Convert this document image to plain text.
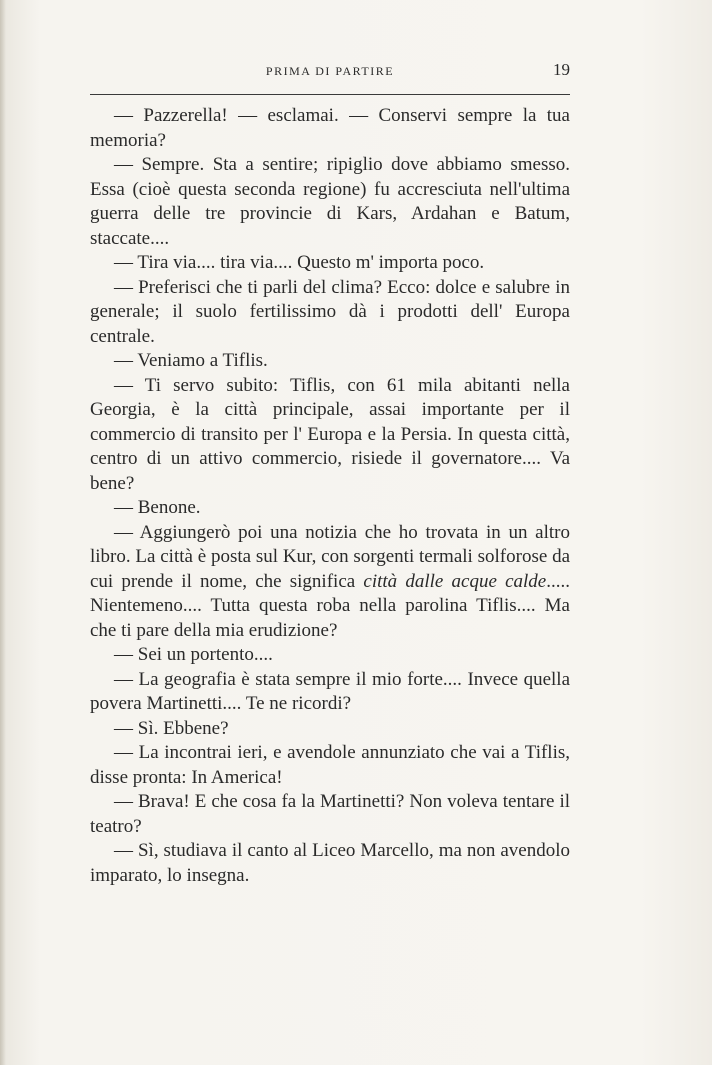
PRIMA DI PARTIRE	19

— Pazzerella! — esclamai. — Conservi sempre la tua memoria?

— Sempre. Sta a sentire; ripiglio dove abbiamo smesso. Essa (cioè questa seconda regione) fu accresciuta nell'ultima guerra delle tre provincie di Kars, Ardahan e Batum, staccate....

— Tira via.... tira via.... Questo m' importa poco.

— Preferisci che ti parli del clima? Ecco: dolce e salubre in generale; il suolo fertilissimo dà i prodotti dell' Europa centrale.

— Veniamo a Tiflis.

— Ti servo subito: Tiflis, con 61 mila abitanti nella Georgia, è la città principale, assai importante per il commercio di transito per l' Europa e la Persia. In questa città, centro di un attivo commercio, risiede il governatore.... Va bene?

— Benone.

— Aggiungerò poi una notizia che ho trovata in un altro libro. La città è posta sul Kur, con sorgenti termali solforose da cui prende il nome, che significa città dalle acque calde..... Nientemeno.... Tutta questa roba nella parolina Tiflis.... Ma che ti pare della mia erudizione?

— Sei un portento....

— La geografia è stata sempre il mio forte.... Invece quella povera Martinetti.... Te ne ricordi?

— Sì. Ebbene?

— La incontrai ieri, e avendole annunziato che vai a Tiflis, disse pronta: In America!

— Brava! E che cosa fa la Martinetti? Non voleva tentare il teatro?

— Sì, studiava il canto al Liceo Marcello, ma non avendolo imparato, lo insegna.
